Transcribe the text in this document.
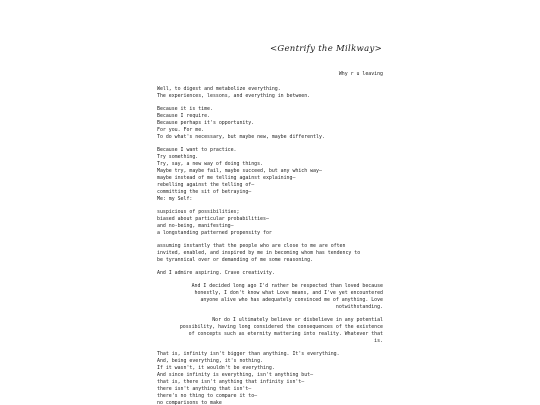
<Gentrify the Milkway>
Why r u leaving
Well, to digest and metabolize everything.
The experiences, lessons, and everything in between.
Because it is time.
Because I require.
Because perhaps it's opportunity.
For you. For me.
To do what's necessary, but maybe new, maybe differently.
Because I want to practice.
Try something.
Try, say, a new way of doing things.
Maybe try, maybe fail, maybe succeed, but any which way–
maybe instead of me telling against explaining–
rebelling against the telling of–
committing the sit of betraying–
Me: my Self:
suspicious of possibilities;
biased about particular probabilities–
and no-being, manifesting–
a longstanding patterned propensity for
assuming instantly that the people who are close to me are often
invited, enabled, and inspired by me in becoming whom has tendency to
be tyrannical over or demanding of me some reasoning.
And I admire aspiring. Crave creativity.
And I decided long ago I'd rather be respected than loved because
honestly, I don't know what Love means, and I've yet encountered
anyone alive who has adequately convinced me of anything. Love
notwithstanding.
Nor do I ultimately believe or disbelieve in any potential
possibility, having long considered the consequences of the existence
of concepts such as eternity mattering into reality. Whatever that
is.
That is, infinity isn't bigger than anything. It's everything.
And, being everything, it's nothing.
If it wasn't, it wouldn't be everything.
And since infinity is everything, isn't anything but–
that is, there isn't anything that infinity isn't–
there isn't anything that isn't–
there's no thing to compare it to–
no comparisons to make
